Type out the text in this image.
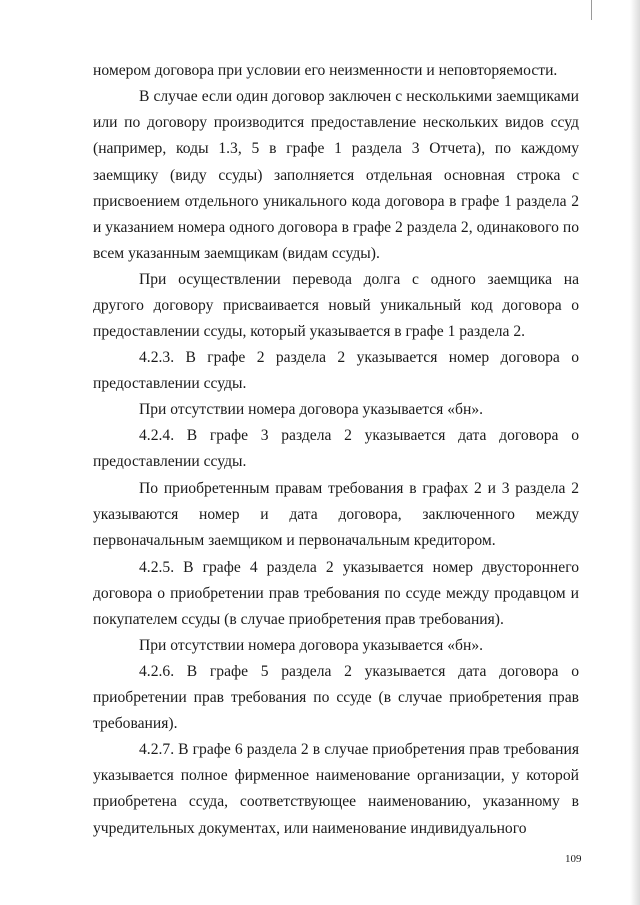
номером договора при условии его неизменности и неповторяемости.

В случае если один договор заключен с несколькими заемщиками или по договору производится предоставление нескольких видов ссуд (например, коды 1.3, 5 в графе 1 раздела 3 Отчета), по каждому заемщику (виду ссуды) заполняется отдельная основная строка с присвоением отдельного уникального кода договора в графе 1 раздела 2 и указанием номера одного договора в графе 2 раздела 2, одинакового по всем указанным заемщикам (видам ссуды).

При осуществлении перевода долга с одного заемщика на другого договору присваивается новый уникальный код договора о предоставлении ссуды, который указывается в графе 1 раздела 2.

4.2.3. В графе 2 раздела 2 указывается номер договора о предоставлении ссуды.

При отсутствии номера договора указывается «бн».

4.2.4. В графе 3 раздела 2 указывается дата договора о предоставлении ссуды.

По приобретенным правам требования в графах 2 и 3 раздела 2 указываются номер и дата договора, заключенного между первоначальным заемщиком и первоначальным кредитором.

4.2.5. В графе 4 раздела 2 указывается номер двустороннего договора о приобретении прав требования по ссуде между продавцом и покупателем ссуды (в случае приобретения прав требования).

При отсутствии номера договора указывается «бн».

4.2.6. В графе 5 раздела 2 указывается дата договора о приобретении прав требования по ссуде (в случае приобретения прав требования).

4.2.7. В графе 6 раздела 2 в случае приобретения прав требования указывается полное фирменное наименование организации, у которой приобретена ссуда, соответствующее наименованию, указанному в учредительных документах, или наименование индивидуального

109
